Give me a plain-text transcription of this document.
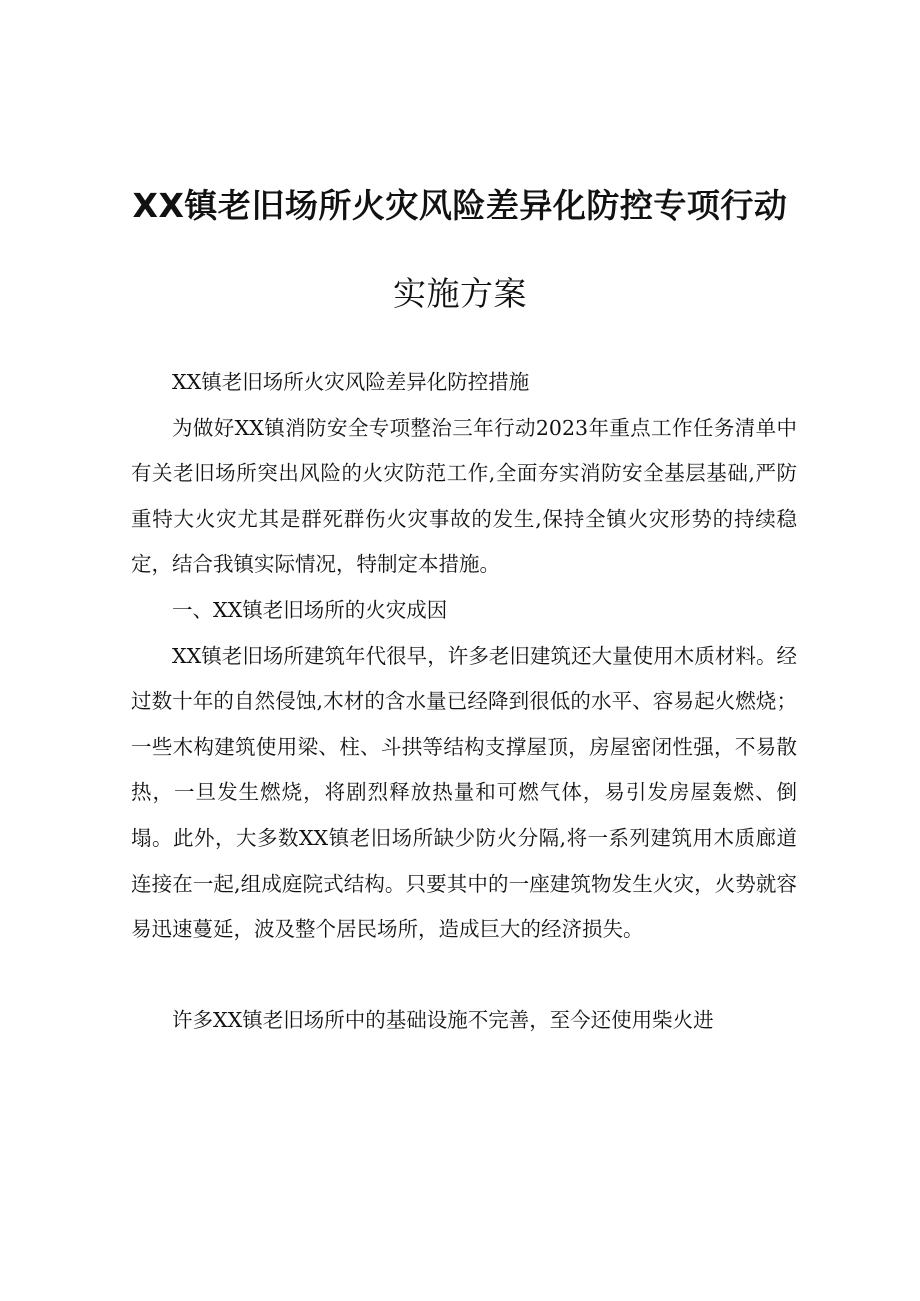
XX镇老旧场所火灾风险差异化防控专项行动
实施方案

XX镇老旧场所火灾风险差异化防控措施

为做好XX镇消防安全专项整治三年行动2023年重点工作任务清单中有关老旧场所突出风险的火灾防范工作,全面夯实消防安全基层基础,严防重特大火灾尤其是群死群伤火灾事故的发生,保持全镇火灾形势的持续稳定，结合我镇实际情况，特制定本措施。

一、XX镇老旧场所的火灾成因

XX镇老旧场所建筑年代很早，许多老旧建筑还大量使用木质材料。经过数十年的自然侵蚀,木材的含水量已经降到很低的水平、容易起火燃烧；一些木构建筑使用梁、柱、斗拱等结构支撑屋顶，房屋密闭性强，不易散热，一旦发生燃烧，将剧烈释放热量和可燃气体，易引发房屋轰燃、倒塌。此外，大多数XX镇老旧场所缺少防火分隔,将一系列建筑用木质廊道连接在一起,组成庭院式结构。只要其中的一座建筑物发生火灾，火势就容易迅速蔓延，波及整个居民场所，造成巨大的经济损失。

许多XX镇老旧场所中的基础设施不完善，至今还使用柴火进
